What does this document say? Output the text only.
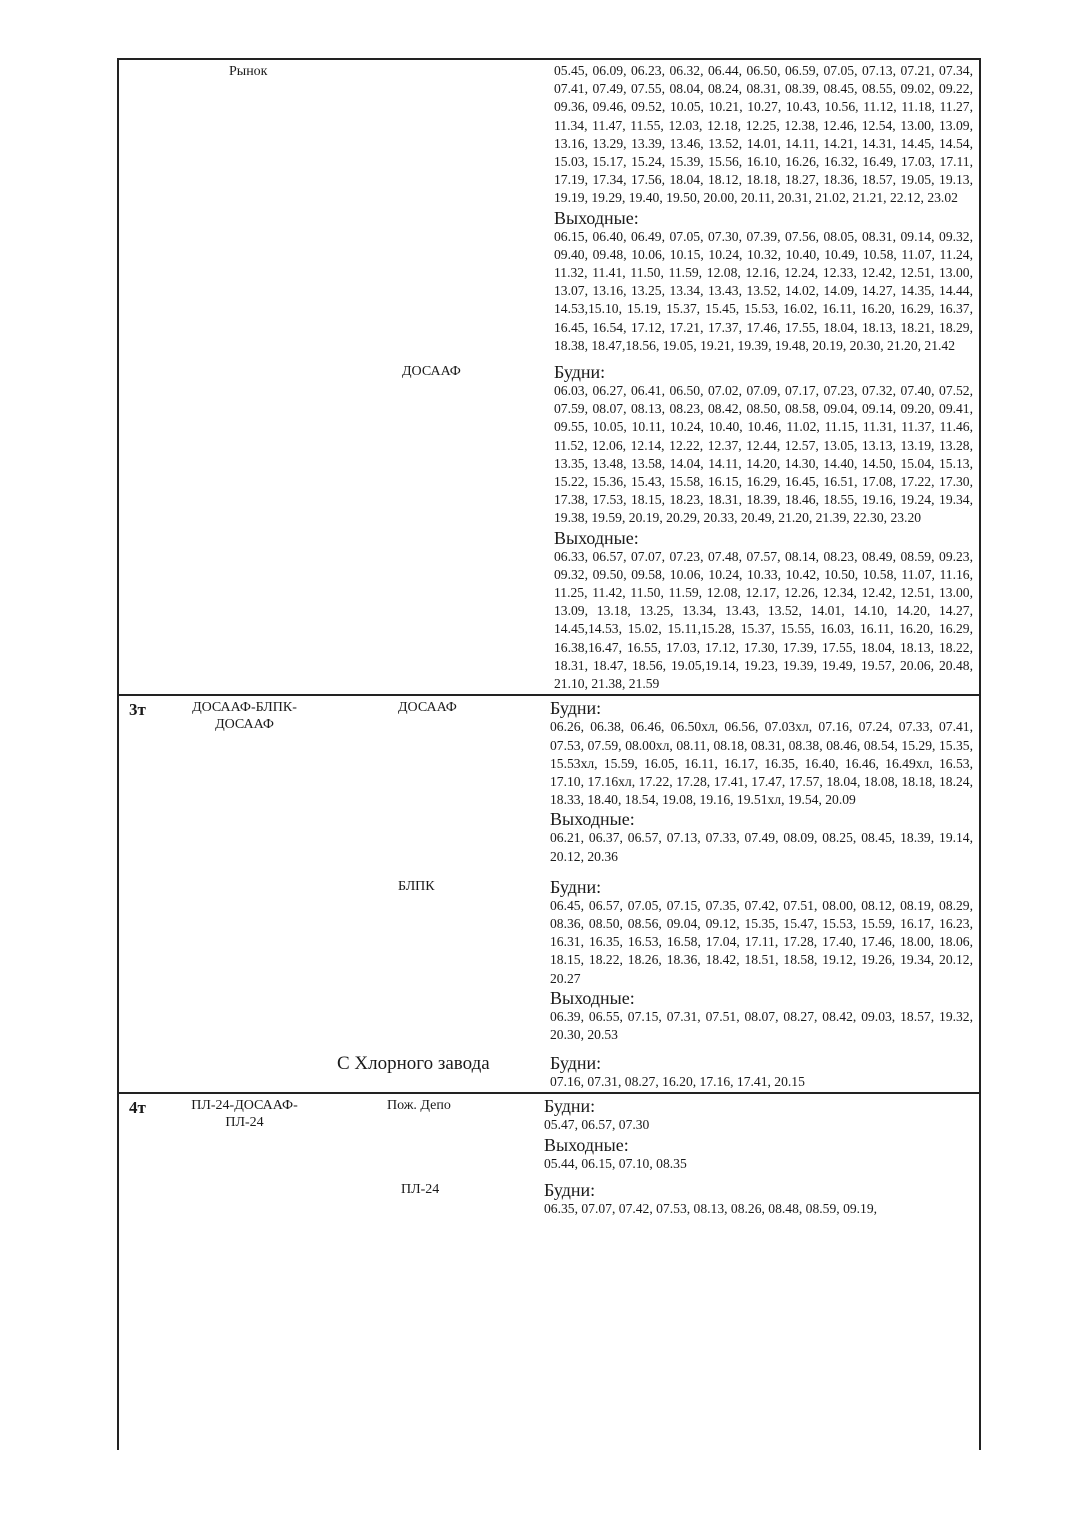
Рынок	05.45, 06.09, 06.23, 06.32, 06.44, 06.50, 06.59, 07.05, 07.13, 07.21, 07.34, 07.41, 07.49, 07.55, 08.04, 08.24, 08.31, 08.39, 08.45, 08.55, 09.02, 09.22, 09.36, 09.46, 09.52, 10.05, 10.21, 10.27, 10.43, 10.56, 11.12, 11.18, 11.27, 11.34, 11.47, 11.55, 12.03, 12.18, 12.25, 12.38, 12.46, 12.54, 13.00, 13.09, 13.16, 13.29, 13.39, 13.46, 13.52, 14.01, 14.11, 14.21, 14.31, 14.45, 14.54, 15.03, 15.17, 15.24, 15.39, 15.56, 16.10, 16.26, 16.32, 16.49, 17.03, 17.11, 17.19, 17.34, 17.56, 18.04, 18.12, 18.18, 18.27, 18.36, 18.57, 19.05, 19.13, 19.19, 19.29, 19.40, 19.50, 20.00, 20.11, 20.31, 21.02, 21.21, 22.12, 23.02
Выходные:
06.15, 06.40, 06.49, 07.05, 07.30, 07.39, 07.56, 08.05, 08.31, 09.14, 09.32, 09.40, 09.48, 10.06, 10.15, 10.24, 10.32, 10.40, 10.49, 10.58, 11.07, 11.24, 11.32, 11.41, 11.50, 11.59, 12.08, 12.16, 12.24, 12.33, 12.42, 12.51, 13.00, 13.07, 13.16, 13.25, 13.34, 13.43, 13.52, 14.02, 14.09, 14.27, 14.35, 14.44, 14.53,15.10, 15.19, 15.37, 15.45, 15.53, 16.02, 16.11, 16.20, 16.29, 16.37, 16.45, 16.54, 17.12, 17.21, 17.37, 17.46, 17.55, 18.04, 18.13, 18.21, 18.29, 18.38, 18.47,18.56, 19.05, 19.21, 19.39, 19.48, 20.19, 20.30, 21.20, 21.42
ДОСААФ	Будни:
06.03, 06.27, 06.41, 06.50, 07.02, 07.09, 07.17, 07.23, 07.32, 07.40, 07.52, 07.59, 08.07, 08.13, 08.23, 08.42, 08.50, 08.58, 09.04, 09.14, 09.20, 09.41, 09.55, 10.05, 10.11, 10.24, 10.40, 10.46, 11.02, 11.15, 11.31, 11.37, 11.46, 11.52, 12.06, 12.14, 12.22, 12.37, 12.44, 12.57, 13.05, 13.13, 13.19, 13.28, 13.35, 13.48, 13.58, 14.04, 14.11, 14.20, 14.30, 14.40, 14.50, 15.04, 15.13, 15.22, 15.36, 15.43, 15.58, 16.15, 16.29, 16.45, 16.51, 17.08, 17.22, 17.30, 17.38, 17.53, 18.15, 18.23, 18.31, 18.39, 18.46, 18.55, 19.16, 19.24, 19.34, 19.38, 19.59, 20.19, 20.29, 20.33, 20.49, 21.20, 21.39, 22.30, 23.20
Выходные:
06.33, 06.57, 07.07, 07.23, 07.48, 07.57, 08.14, 08.23, 08.49, 08.59, 09.23, 09.32, 09.50, 09.58, 10.06, 10.24, 10.33, 10.42, 10.50, 10.58, 11.07, 11.16, 11.25, 11.42, 11.50, 11.59, 12.08, 12.17, 12.26, 12.34, 12.42, 12.51, 13.00, 13.09, 13.18, 13.25, 13.34, 13.43, 13.52, 14.01, 14.10, 14.20, 14.27, 14.45,14.53, 15.02, 15.11,15.28, 15.37, 15.55, 16.03, 16.11, 16.20, 16.29, 16.38,16.47, 16.55, 17.03, 17.12, 17.30, 17.39, 17.55, 18.04, 18.13, 18.22, 18.31, 18.47, 18.56, 19.05,19.14, 19.23, 19.39, 19.49, 19.57, 20.06, 20.48, 21.10, 21.38, 21.59
3т	ДОСААФ-БЛПК-ДОСААФ
ДОСААФ	Будни:
06.26, 06.38, 06.46, 06.50хл, 06.56, 07.03хл, 07.16, 07.24, 07.33, 07.41, 07.53, 07.59, 08.00хл, 08.11, 08.18, 08.31, 08.38, 08.46, 08.54, 15.29, 15.35, 15.53хл, 15.59, 16.05, 16.11, 16.17, 16.35, 16.40, 16.46, 16.49хл, 16.53, 17.10, 17.16хл, 17.22, 17.28, 17.41, 17.47, 17.57, 18.04, 18.08, 18.18, 18.24, 18.33, 18.40, 18.54, 19.08, 19.16, 19.51хл, 19.54, 20.09
Выходные:
06.21, 06.37, 06.57, 07.13, 07.33, 07.49, 08.09, 08.25, 08.45, 18.39, 19.14, 20.12, 20.36
БЛПК	Будни:
06.45, 06.57, 07.05, 07.15, 07.35, 07.42, 07.51, 08.00, 08.12, 08.19, 08.29, 08.36, 08.50, 08.56, 09.04, 09.12, 15.35, 15.47, 15.53, 15.59, 16.17, 16.23, 16.31, 16.35, 16.53, 16.58, 17.04, 17.11, 17.28, 17.40, 17.46, 18.00, 18.06, 18.15, 18.22, 18.26, 18.36, 18.42, 18.51, 18.58, 19.12, 19.26, 19.34, 20.12, 20.27
Выходные:
06.39, 06.55, 07.15, 07.31, 07.51, 08.07, 08.27, 08.42, 09.03, 18.57, 19.32, 20.30, 20.53
С Хлорного завода	Будни:
07.16, 07.31, 08.27, 16.20, 17.16, 17.41, 20.15
4т	ПЛ-24-ДОСААФ-ПЛ-24
Пож. Депо	Будни:
05.47, 06.57, 07.30
Выходные:
05.44, 06.15, 07.10, 08.35
ПЛ-24	Будни:
06.35, 07.07, 07.42, 07.53, 08.13, 08.26, 08.48, 08.59, 09.19,
